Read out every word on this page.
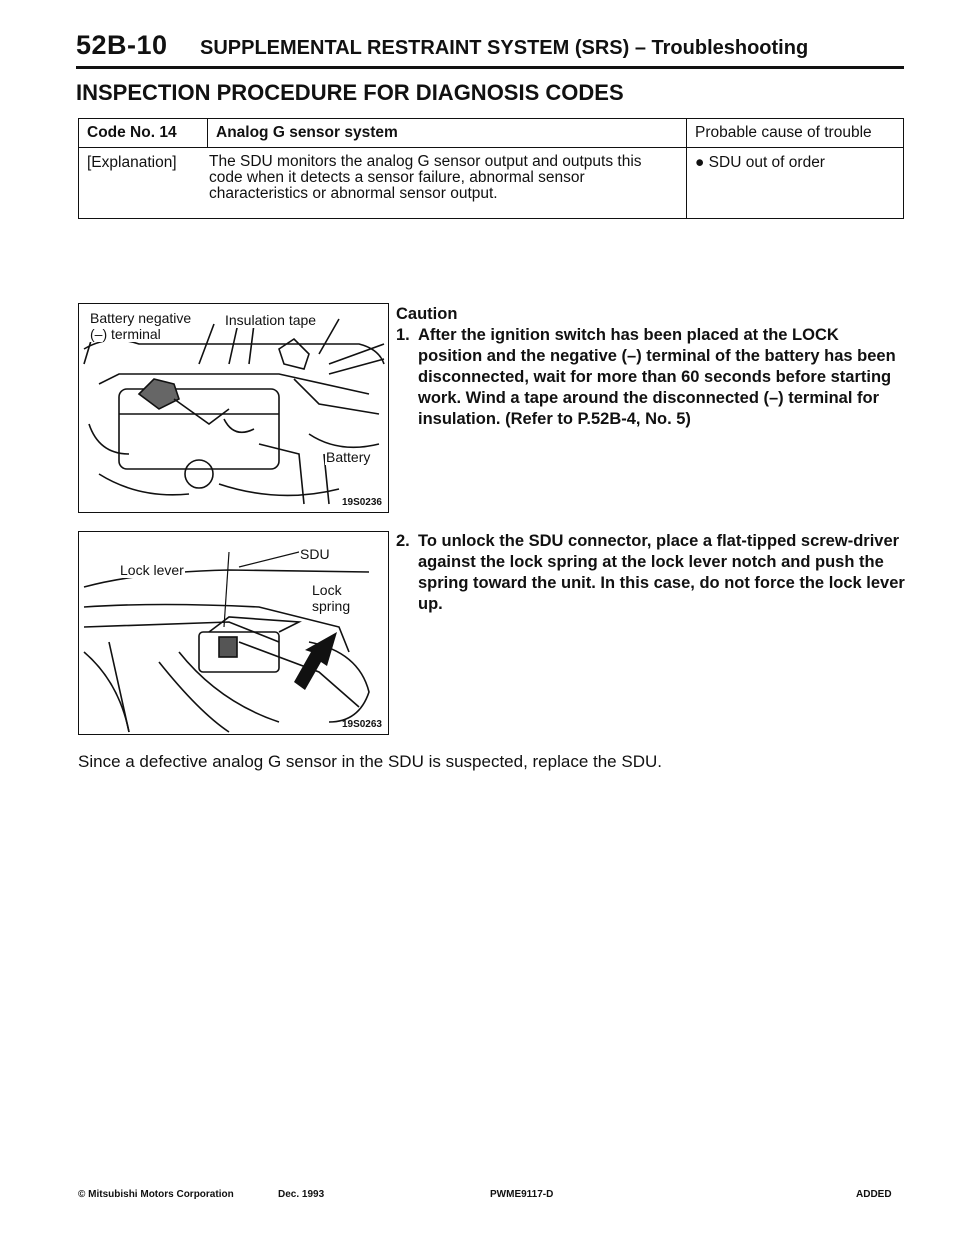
52B-10 SUPPLEMENTAL RESTRAINT SYSTEM (SRS) – Troubleshooting
INSPECTION PROCEDURE FOR DIAGNOSIS CODES
Code No. 14	Analog G sensor system	Probable cause of trouble

[Explanation] The SDU monitors the analog G sensor output and outputs this code when it detects a sensor failure, abnormal sensor characteristics or abnormal sensor output.		● SDU out of order
Battery negative
(–) terminal
Insulation tape
Battery
19S0236
Lock lever
SDU
Lock spring
19S0263
Caution
1. After the ignition switch has been placed at the LOCK position and the negative (–) terminal of the battery has been disconnected, wait for more than 60 seconds before starting work. Wind a tape around the disconnected (–) terminal for insulation. (Refer to P.52B-4, No. 5)
2. To unlock the SDU connector, place a flat-tipped screw-driver against the lock spring at the lock lever notch and push the spring toward the unit. In this case, do not force the lock lever up.
Since a defective analog G sensor in the SDU is suspected, replace the SDU.
© Mitsubishi Motors Corporation	Dec. 1993	PWME9117-D	ADDED
